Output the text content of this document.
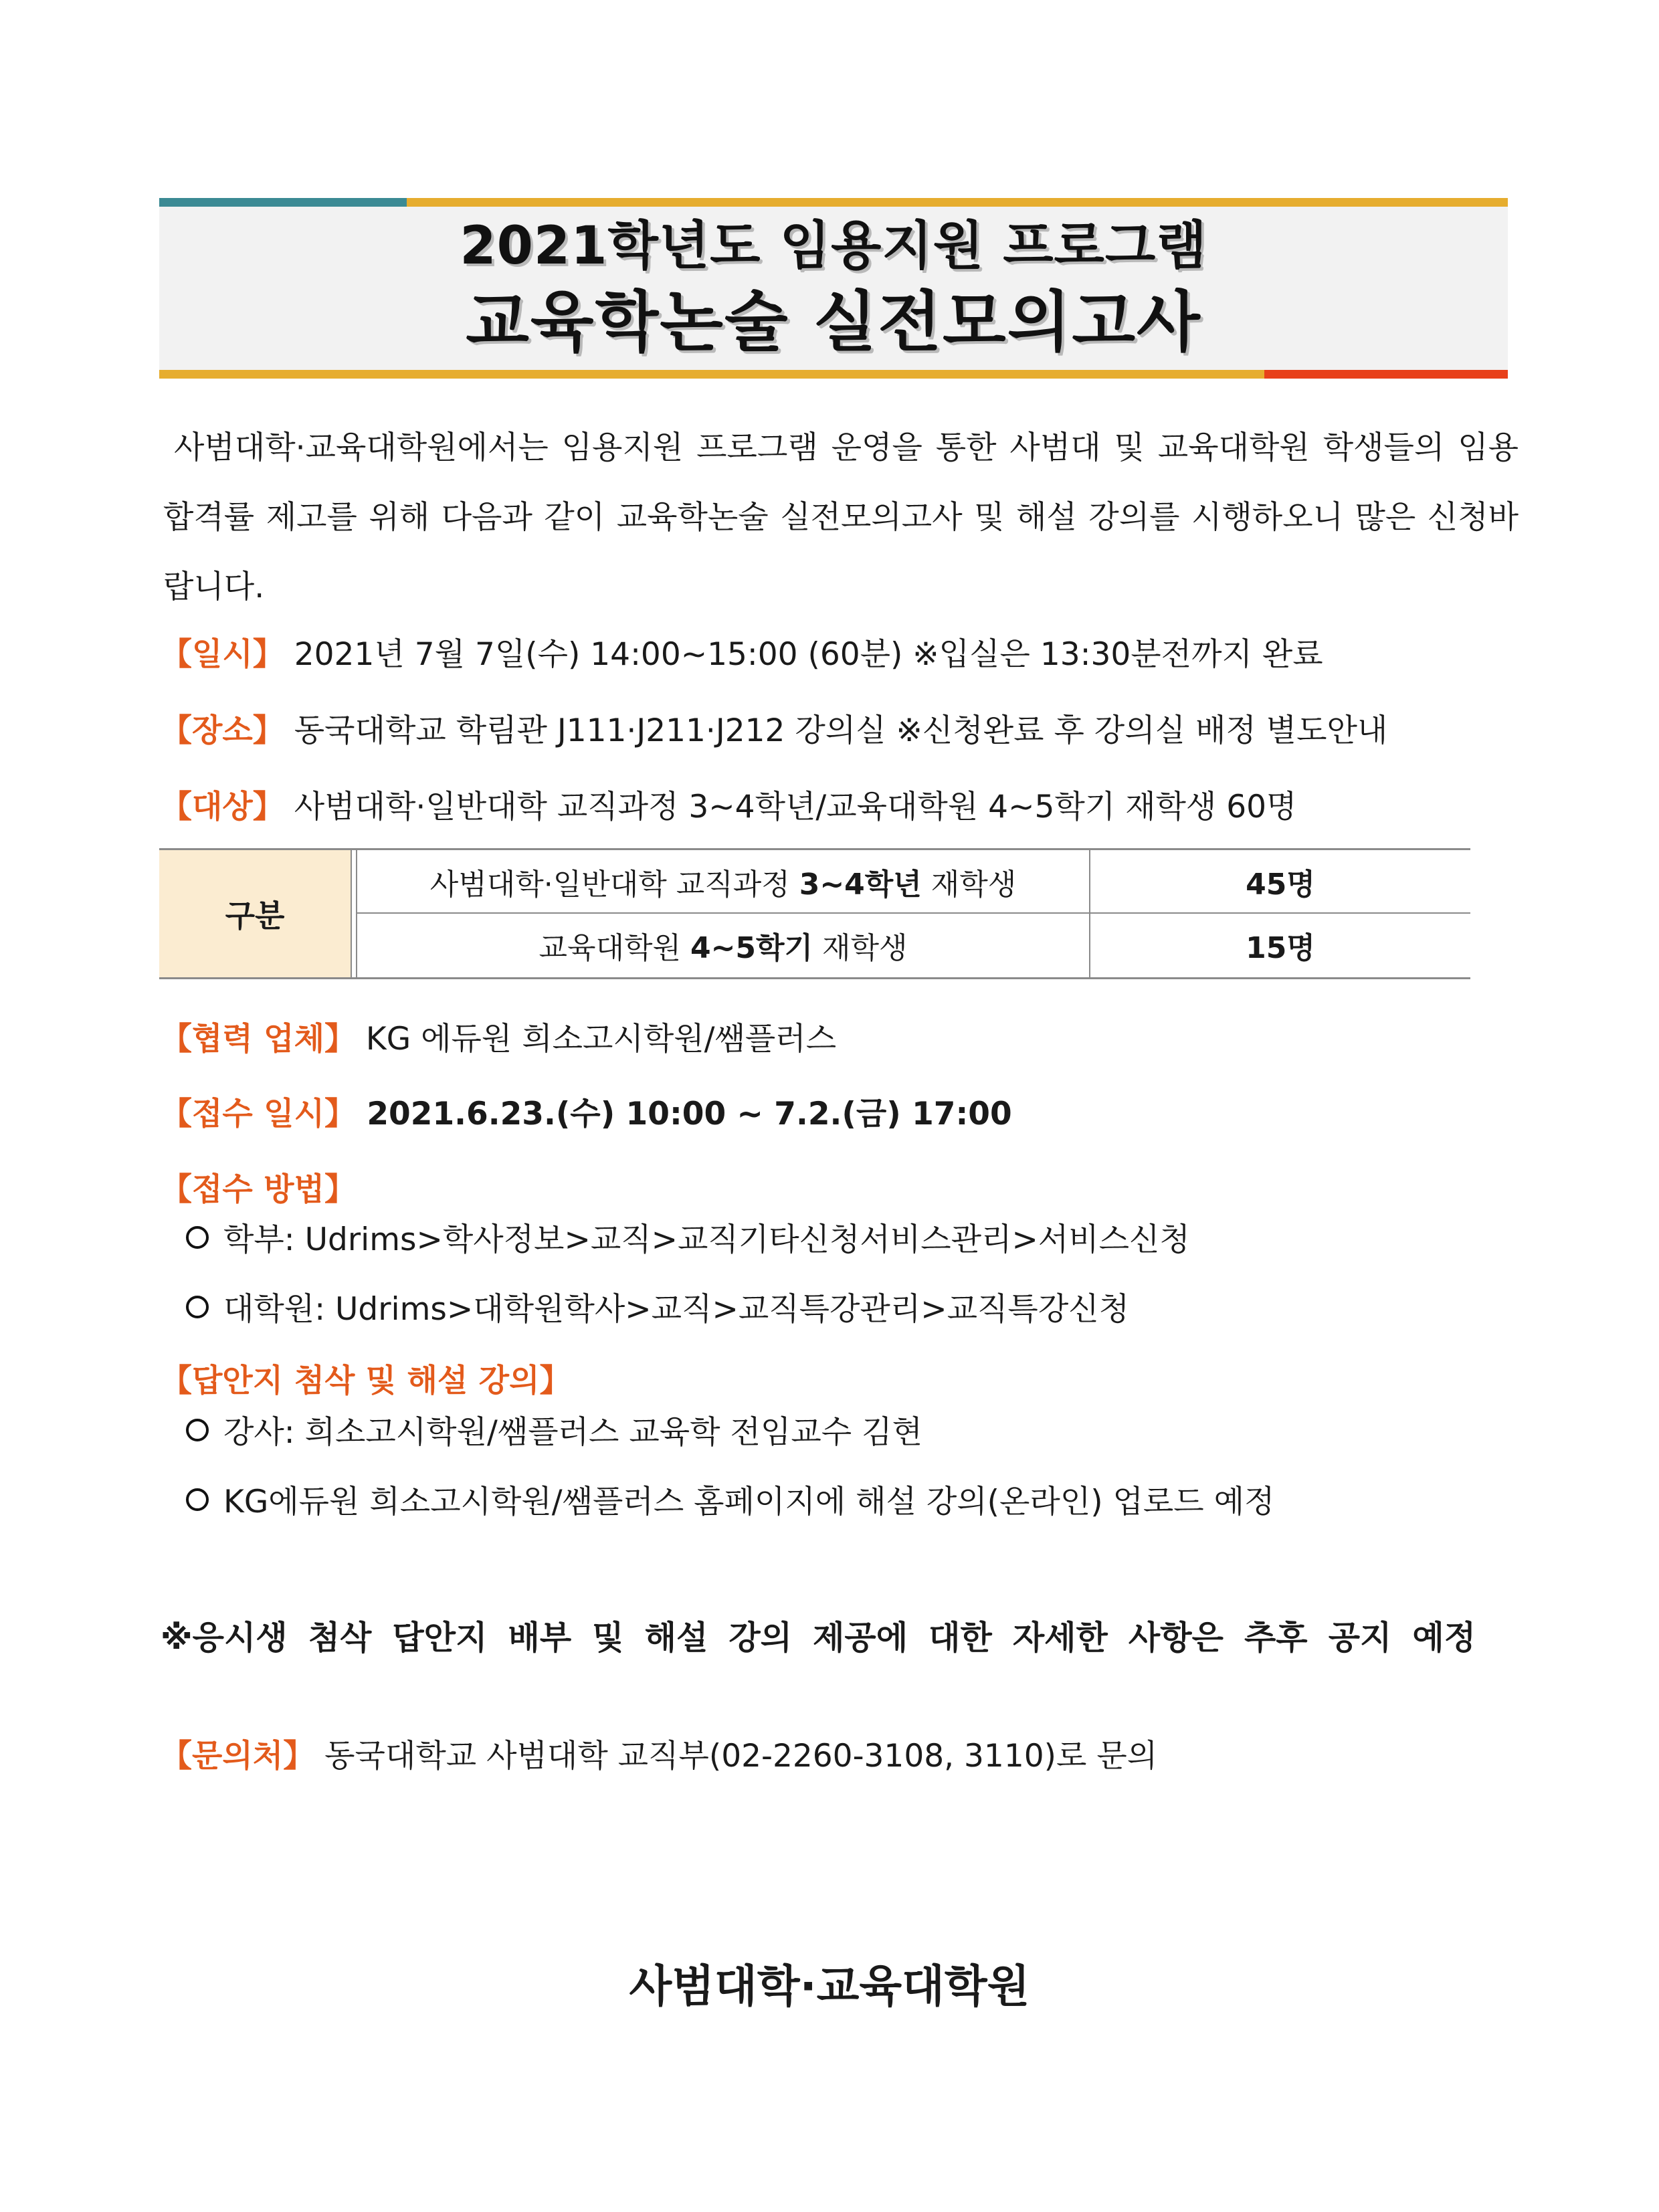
2021학년도 임용지원 프로그램
교육학논술 실전모의고사
사범대학·교육대학원에서는 임용지원 프로그램 운영을 통한 사범대 및 교육대학원 학생들의 임용 합격률 제고를 위해 다음과 같이 교육학논술 실전모의고사 및 해설 강의를 시행하오니 많은 신청바랍니다.
【일시】 2021년 7월 7일(수) 14:00~15:00 (60분) ※입실은 13:30분전까지 완료
【장소】 동국대학교 학림관 J111·J211·J212 강의실 ※신청완료 후 강의실 배정 별도안내
【대상】 사범대학·일반대학 교직과정 3~4학년/교육대학원 4~5학기 재학생 60명
구분
사범대학·일반대학 교직과정 3~4학년 재학생	45명
교육대학원 4~5학기 재학생	15명
【협력 업체】 KG 에듀원 희소고시학원/쌤플러스
【접수 일시】 2021.6.23.(수) 10:00 ~ 7.2.(금) 17:00
【접수 방법】
학부: Udrims>학사정보>교직>교직기타신청서비스관리>서비스신청
대학원: Udrims>대학원학사>교직>교직특강관리>교직특강신청
【답안지 첨삭 및 해설 강의】
강사: 희소고시학원/쌤플러스 교육학 전임교수 김현
KG에듀원 희소고시학원/쌤플러스 홈페이지에 해설 강의(온라인) 업로드 예정
※응시생 첨삭 답안지 배부 및 해설 강의 제공에 대한 자세한 사항은 추후 공지 예정
【문의처】 동국대학교 사범대학 교직부(02-2260-3108, 3110)로 문의
사범대학·교육대학원
